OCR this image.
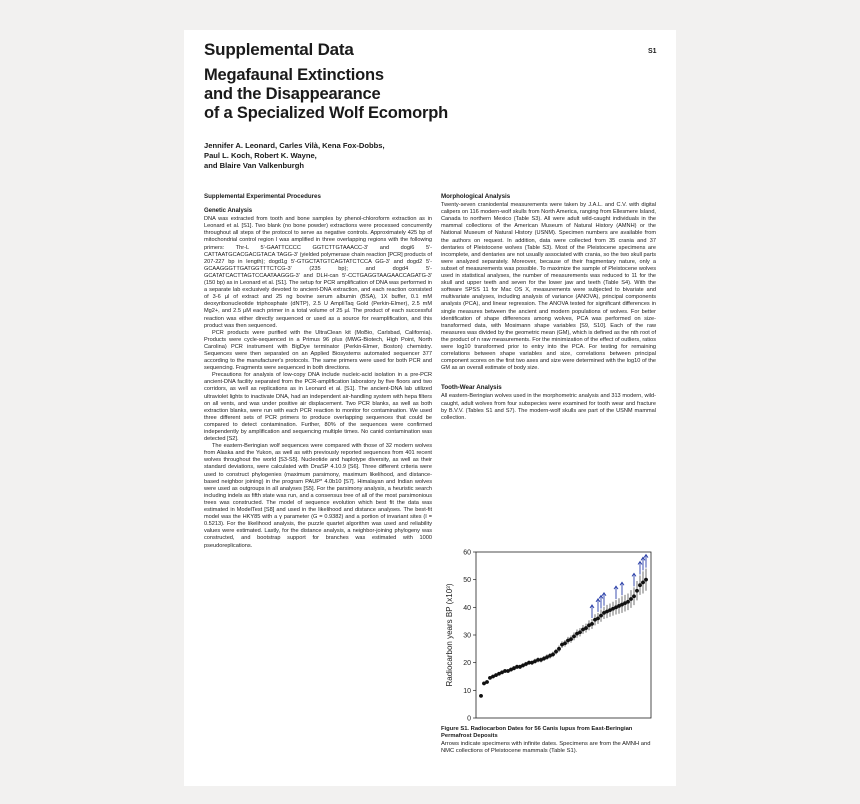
Supplemental Data	S1
Megafaunal Extinctions
and the Disappearance
of a Specialized Wolf Ecomorph
Jennifer A. Leonard, Carles Vilà, Kena Fox-Dobbs,
Paul L. Koch, Robert K. Wayne,
and Blaire Van Valkenburgh
Supplemental Experimental Procedures
Genetic Analysis

DNA was extracted from tooth and bone samples by phenol-chloroform extraction as in Leonard et al. [S1]. Two blank (no bone powder) extractions were processed concurrently throughout all steps of the protocol to serve as negative controls. Approximately 425 bp of mitochondrial control region I was amplified in three overlapping regions with the following primers: Thr-L 5'-GAATTCCCC GGTCTTGTAAACC-3' and dogi6 5'-CATTAATGCACGACGTACA TAGG-3' (yielded polymerase chain reaction [PCR] products of 207-227 bp in length); dogd1g 5'-GTGCTATGTCAGTATCTCCA GG-3' and dogd2 5'-GCAAGGGTTGATGGTTTCTCG-3' (235 bp); and dogd4 5'-GCATATCACTTAGTCCAATAAGGG-3' and DLH-can 5'-CCTGAGGTAAGAACCAGATG-3' (150 bp) as in Leonard et al. [S1]. The setup for PCR amplification of DNA was performed in a separate lab exclusively devoted to ancient-DNA extraction, and each reaction consisted of 3-6 µl of extract and 25 ng bovine serum albumin (BSA), 1X buffer, 0.1 mM deoxyribonucleotide triphosphate (dNTP), 2.5 U AmpliTaq Gold (Perkin-Elmer), 2.5 mM Mg2+, and 2.5 µM each primer in a total volume of 25 µl. The product of each successful reaction was either directly sequenced or used as a source for reamplification, and this product was then sequenced.

PCR products were purified with the UltraClean kit (MoBio, Carlsbad, California). Products were cycle-sequenced in a Primus 96 plus (MWG-Biotech, High Point, North Carolina) PCR instrument with BigDye terminator (Perkin-Elmer, Boston) chemistry. Sequences were then separated on an Applied Biosystems automated sequencer 377 according to the manufacturer's protocols. The same primers were used for both PCR and sequencing. Fragments were sequenced in both directions.

Precautions for analysis of low-copy DNA include nucleic-acid isolation in a pre-PCR ancient-DNA facility separated from the PCR-amplification laboratory by five floors and two corridors, as well as replications as in Leonard et al. [S1]. The ancient-DNA lab utilized ultraviolet lights to inactivate DNA, had an independent air-handling system with hepa filters on all vents, and was under positive air displacement. Two PCR blanks, as well as both extraction blanks, were run with each PCR reaction to monitor for contamination. We used three different sets of PCR primers to produce overlapping sequences that could be compared to detect contamination. Further, 80% of the sequences were confirmed independently by amplification and sequencing multiple times. No canid contamination was detected [S2].

The eastern-Beringian wolf sequences were compared with those of 32 modern wolves from Alaska and the Yukon, as well as with previously reported sequences from 401 recent wolves throughout the world [S3-S5]. Nucleotide and haplotype diversity, as well as their standard deviations, were calculated with DnaSP 4.10.9 [S6]. Three different criteria were used to construct phylogenies (maximum parsimony, maximum likelihood, and distance-based neighbor joining) in the program PAUP* 4.0b10 [S7]. Himalayan and Indian wolves were used as outgroups in all analyses [S5]. For the parsimony analysis, a heuristic search including indels as fifth state was run, and a consensus tree of all of the most parsimonious trees was constructed. The model of sequence evolution which best fit the data was estimated in ModelTest [S8] and used in the likelihood and distance analyses. The best-fit model was the HKY85 with a γ parameter (G = 0.9382) and a portion of invariant sites (I = 0.5213). For the likelihood analysis, the puzzle quartet algorithm was used and reliability values were estimated. Lastly, for the distance analysis, a neighbor-joining phylogeny was constructed, and bootstrap support for branches was estimated with 1000 pseudoreplications.

Morphological Analysis

Twenty-seven craniodental measurements were taken by J.A.L. and C.V. with digital calipers on 116 modern-wolf skulls from North America, ranging from Ellesmere Island, Canada to northern Mexico (Table S3). All were adult wild-caught individuals in the mammal collections of the American Museum of Natural History (AMNH) or the National Museum of Natural History (USNM). Specimen numbers are available from the authors on request. In addition, data were collected from 35 crania and 37 dentaries of Pleistocene wolves (Table S3). Most of the Pleistocene specimens are incomplete, and dentaries are not usually associated with crania, so the two skull parts were analyzed separately. Moreover, because of their fragmentary nature, only a subset of measurements was possible. To maximize the sample of Pleistocene wolves used in statistical analyses, the number of measurements was reduced to 11 for the skull and upper teeth and seven for the lower jaw and teeth (Table S4). With the software SPSS 11 for Mac OS X, measurements were subjected to bivariate and multivariate analyses, including analysis of variance (ANOVA), principal components analysis (PCA), and linear regression. The ANOVA tested for significant differences in single measures between the ancient and modern populations of wolves. For better identification of shape differences among wolves, PCA was performed on size-transformed data, with Mosimann shape variables [S9, S10]. Each of the raw measures was divided by the geometric mean (GM), which is defined as the nth root of the product of n raw measurements. For the minimization of the effect of outliers, ratios were log10 transformed prior to entry into the PCA. For testing for remaining correlations between shape variables and size, correlations between principal component scores on the first two axes and size were determined with the log10 of the GM as an overall estimate of body size.

Tooth-Wear Analysis

All eastern-Beringian wolves used in the morphometric analysis and 313 modern, wild-caught, adult wolves from four subspecies were examined for tooth wear and fracture by B.V.V. (Tables S1 and S7). The modern-wolf skulls are part of the USNM mammal collection.

0
10
20
30
40
50
60
Radiocarbon years BP (x10³)
Figure S1. Radiocarbon Dates for 56 Canis lupus from East-Beringian Permafrost Deposits
Arrows indicate specimens with infinite dates. Specimens are from the AMNH and NMC collections of Pleistocene mammals (Table S1).
